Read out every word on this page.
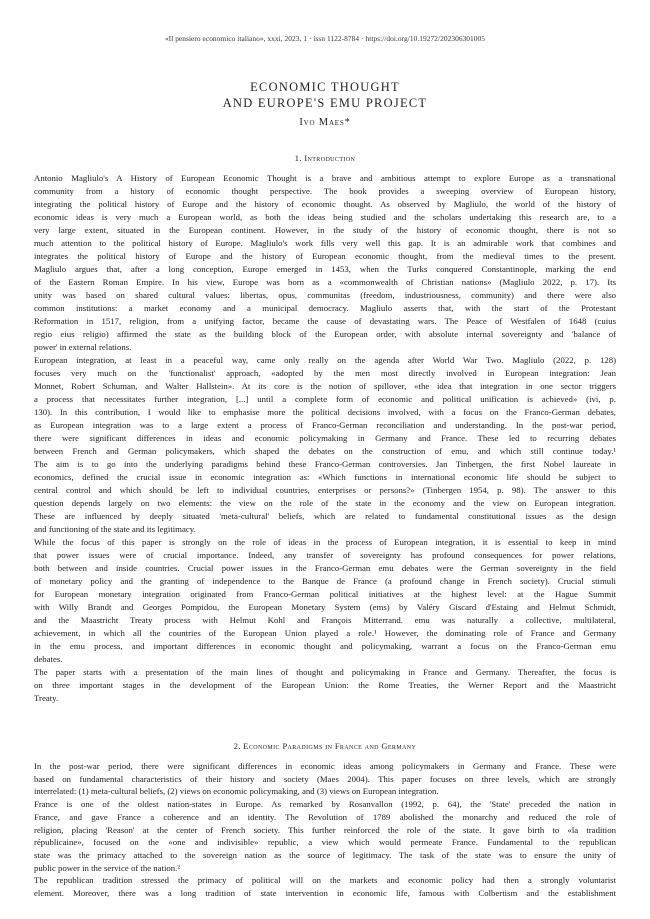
«Il pensiero economico italiano», xxxi, 2023, 1 · issn 1122-8784 · https://doi.org/10.19272/202306301005
ECONOMIC THOUGHT
AND EUROPE'S EMU PROJECT
Ivo Maes*
1. Introduction
Antonio Magliulo's A History of European Economic Thought is a brave and ambitious attempt to explore Europe as a transnational
community from a history of economic thought perspective. The book provides a sweeping overview of European history,
integrating the political history of Europe and the history of economic thought. As observed by Magliulo, the world of the history of
economic ideas is very much a European world, as both the ideas being studied and the scholars undertaking this research are, to a
very large extent, situated in the European continent. However, in the study of the history of economic thought, there is not so
much attention to the political history of Europe. Magliulo's work fills very well this gap. It is an admirable work that combines and
integrates the political history of Europe and the history of European economic thought, from the medieval times to the present.
Magliulo argues that, after a long conception, Europe emerged in 1453, when the Turks conquered Constantinople, marking the end
of the Eastern Roman Empire. In his view, Europe was born as a «commonwealth of Christian nations» (Magliulo 2022, p. 17). Its
unity was based on shared cultural values: libertas, opus, communitas (freedom, industriousness, community) and there were also
common institutions: a market economy and a municipal democracy. Magliulo asserts that, with the start of the Protestant
Reformation in 1517, religion, from a unifying factor, became the cause of devastating wars. The Peace of Westfalen of 1648 (cuius
regio eius religio) affirmed the state as the building block of the European order, with absolute internal sovereignty and 'balance of
power' in external relations.
European integration, at least in a peaceful way, came only really on the agenda after World War Two. Magliulo (2022, p. 128)
focuses very much on the 'functionalist' approach, «adopted by the men most directly involved in European integration: Jean
Monnet, Robert Schuman, and Walter Hallstein». At its core is the notion of spillover, «the idea that integration in one sector triggers
a process that necessitates further integration, [...] until a complete form of economic and political unification is achieved» (ivi, p.
130). In this contribution, I would like to emphasise more the political decisions involved, with a focus on the Franco-German debates,
as European integration was to a large extent a process of Franco-German reconciliation and understanding. In the post-war period,
there were significant differences in ideas and economic policymaking in Germany and France. These led to recurring debates
between French and German policymakers, which shaped the debates on the construction of emu, and which still continue today.¹
The aim is to go into the underlying paradigms behind these Franco-German controversies. Jan Tinbergen, the first Nobel laureate in
economics, defined the crucial issue in economic integration as: «Which functions in international economic life should be subject to
central control and which should be left to individual countries, enterprises or persons?» (Tinbergen 1954, p. 98). The answer to this
question depends largely on two elements: the view on the role of the state in the economy and the view on European integration.
These are influenced by deeply situated 'meta-cultural' beliefs, which are related to fundamental constitutional issues as the design
and functioning of the state and its legitimacy.
While the focus of this paper is strongly on the role of ideas in the process of European integration, it is essential to keep in mind
that power issues were of crucial importance. Indeed, any transfer of sovereignty has profound consequences for power relations,
both between and inside countries. Crucial power issues in the Franco-German emu debates were the German sovereignty in the field
of monetary policy and the granting of independence to the Banque de France (a profound change in French society). Crucial stimuli
for European monetary integration originated from Franco-German political initiatives at the highest level: at the Hague Summit
with Willy Brandt and Georges Pompidou, the European Monetary System (ems) by Valéry Giscard d'Estaing and Helmut Schmidt,
and the Maastricht Treaty process with Helmut Kohl and François Mitterrand. emu was naturally a collective, multilateral,
achievement, in which all the countries of the European Union played a role.¹ However, the dominating role of France and Germany
in the emu process, and important differences in economic thought and policymaking, warrant a focus on the Franco-German emu
debates.
The paper starts with a presentation of the main lines of thought and policymaking in France and Germany. Thereafter, the focus is
on three important stages in the development of the European Union: the Rome Treaties, the Werner Report and the Maastricht
Treaty.
2. Economic Paradigms in France and Germany
In the post-war period, there were significant differences in economic ideas among policymakers in Germany and France. These were
based on fundamental characteristics of their history and society (Maes 2004). This paper focuses on three levels, which are strongly
interrelated: (1) meta-cultural beliefs, (2) views on economic policymaking, and (3) views on European integration.
France is one of the oldest nation-states in Europe. As remarked by Rosanvallon (1992, p. 64), the 'State' preceded the nation in
France, and gave France a coherence and an identity. The Revolution of 1789 abolished the monarchy and reduced the role of
religion, placing 'Reason' at the center of French society. This further reinforced the role of the state. It gave birth to «la tradition
républicaine», focused on the «one and indivisible» republic, a view which would permeate France. Fundamental to the republican
state was the primacy attached to the sovereign nation as the source of legitimacy. The task of the state was to ensure the unity of
public power in the service of the nation.²
The republican tradition stressed the primacy of political will on the markets and economic policy had then a strongly voluntarist
element. Moreover, there was a long tradition of state intervention in economic life, famous with Colbertism and the establishment
